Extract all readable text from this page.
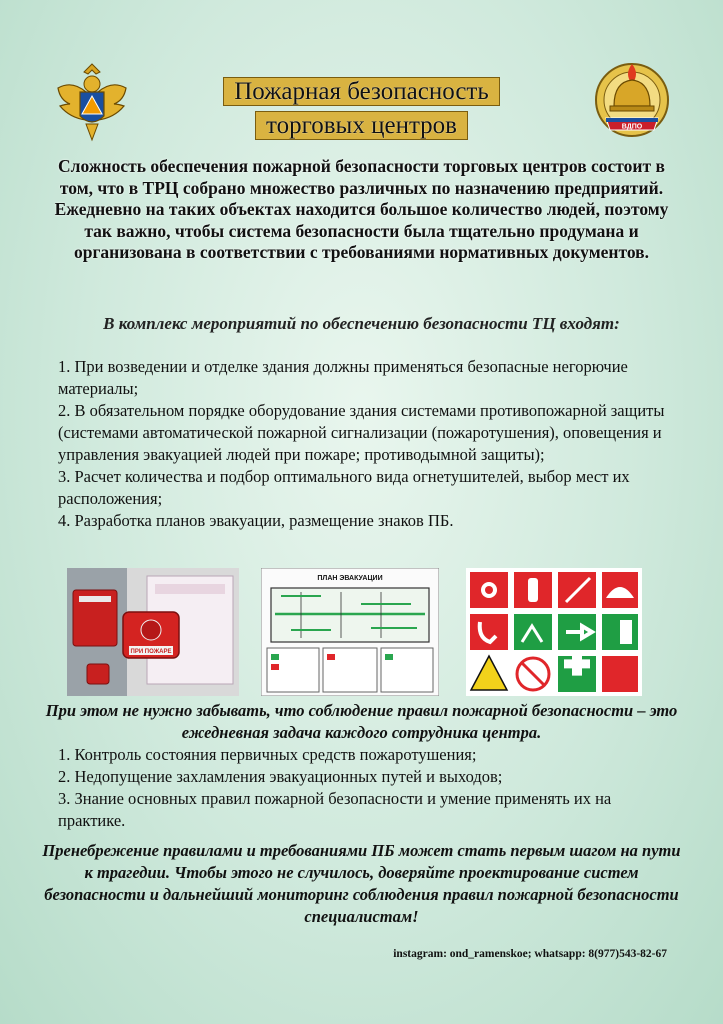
ВДПО
Пожарная безопасность
торговых центров
Сложность обеспечения пожарной безопасности торговых центров состоит в том, что в ТРЦ собрано множество различных по назначению предприятий. Ежедневно на таких объектах находится большое количество людей, поэтому так важно, чтобы система безопасности была тщательно продумана и организована в соответствии с требованиями нормативных документов.
В комплекс мероприятий по обеспечению безопасности ТЦ входят:

1. При возведении и отделке здания должны применяться безопасные негорючие материалы;

2. В обязательном порядке оборудование здания системами противопожарной защиты (системами автоматической пожарной сигнализации (пожаротушения), оповещения и управления эвакуацией людей при пожаре; противодымной защиты);

3. Расчет количества и подбор оптимального вида огнетушителей, выбор мест их расположения;

4. Разработка планов эвакуации, размещение знаков ПБ.

ПРИ ПОЖАРЕ
ПЛАН ЭВАКУАЦИИ
При этом не нужно забывать, что соблюдение правил пожарной безопасности – это ежедневная задача каждого сотрудника центра.

1. Контроль состояния первичных средств пожаротушения;

2. Недопущение захламления эвакуационных путей и выходов;

3. Знание основных правил пожарной безопасности и умение применять их на практике.

Пренебрежение правилами и требованиями ПБ может стать первым шагом на пути к трагедии. Чтобы этого не случилось, доверяйте проектирование систем безопасности и дальнейший мониторинг соблюдения правил пожарной безопасности специалистам!
instagram: ond_ramenskoe; whatsapp: 8(977)543-82-67
